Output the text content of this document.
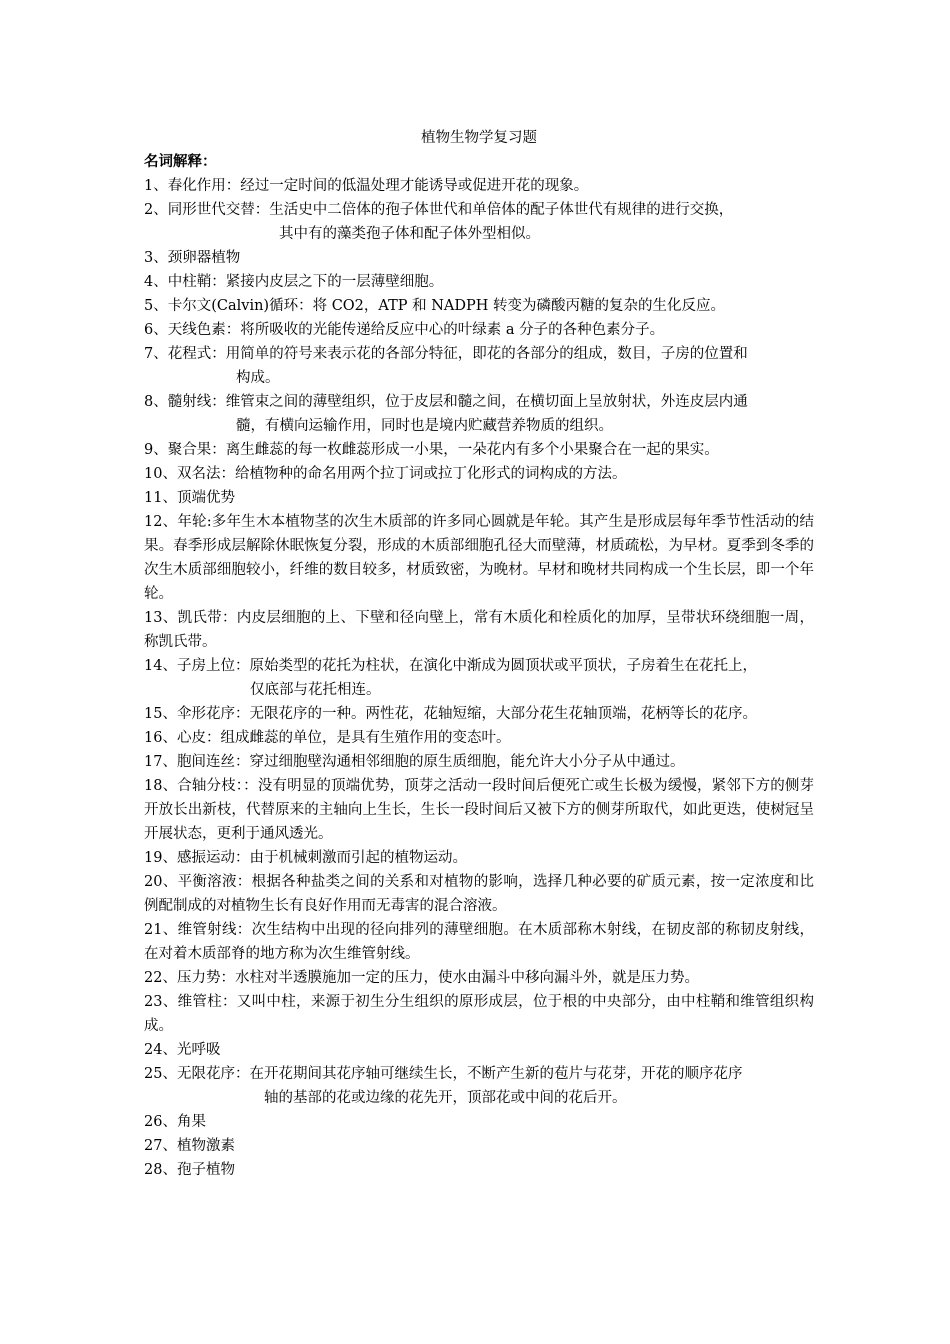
植物生物学复习题

名词解释：

1、春化作用：经过一定时间的低温处理才能诱导或促进开花的现象。

2、同形世代交替：生活史中二倍体的孢子体世代和单倍体的配子体世代有规律的进行交换，
其中有的藻类孢子体和配子体外型相似。

3、颈卵器植物

4、中柱鞘：紧接内皮层之下的一层薄壁细胞。

5、卡尔文(Calvin)循环：将 CO2，ATP 和 NADPH 转变为磷酸丙糖的复杂的生化反应。

6、天线色素：将所吸收的光能传递给反应中心的叶绿素 a 分子的各种色素分子。

7、花程式：用简单的符号来表示花的各部分特征，即花的各部分的组成，数目，子房的位置和
构成。

8、髓射线：维管束之间的薄壁组织，位于皮层和髓之间，在横切面上呈放射状，外连皮层内通
髓，有横向运输作用，同时也是境内贮藏营养物质的组织。

9、聚合果：离生雌蕊的每一枚雌蕊形成一小果，一朵花内有多个小果聚合在一起的果实。

10、双名法：给植物种的命名用两个拉丁词或拉丁化形式的词构成的方法。

11、顶端优势

12、年轮:多年生木本植物茎的次生木质部的许多同心圆就是年轮。其产生是形成层每年季节性活动的结果。春季形成层解除休眠恢复分裂，形成的木质部细胞孔径大而壁薄，材质疏松，为早材。夏季到冬季的次生木质部细胞较小，纤维的数目较多，材质致密，为晚材。早材和晚材共同构成一个生长层，即一个年轮。

13、凯氏带：内皮层细胞的上、下壁和径向壁上，常有木质化和栓质化的加厚，呈带状环绕细胞一周，称凯氏带。

14、子房上位：原始类型的花托为柱状，在演化中渐成为圆顶状或平顶状，子房着生在花托上，
仅底部与花托相连。

15、伞形花序：无限花序的一种。两性花，花轴短缩，大部分花生花轴顶端，花柄等长的花序。

16、心皮：组成雌蕊的单位，是具有生殖作用的变态叶。

17、胞间连丝：穿过细胞壁沟通相邻细胞的原生质细胞，能允许大小分子从中通过。

18、合轴分枝：：没有明显的顶端优势，顶芽之活动一段时间后便死亡或生长极为缓慢，紧邻下方的侧芽开放长出新枝，代替原来的主轴向上生长，生长一段时间后又被下方的侧芽所取代，如此更迭，使树冠呈开展状态，更利于通风透光。

19、感振运动：由于机械刺激而引起的植物运动。

20、平衡溶液：根据各种盐类之间的关系和对植物的影响，选择几种必要的矿质元素，按一定浓度和比例配制成的对植物生长有良好作用而无毒害的混合溶液。

21、维管射线：次生结构中出现的径向排列的薄壁细胞。在木质部称木射线，在韧皮部的称韧皮射线，在对着木质部脊的地方称为次生维管射线。

22、压力势：水柱对半透膜施加一定的压力，使水由漏斗中移向漏斗外，就是压力势。

23、维管柱：又叫中柱，来源于初生分生组织的原形成层，位于根的中央部分，由中柱鞘和维管组织构成。

24、光呼吸

25、无限花序：在开花期间其花序轴可继续生长，不断产生新的苞片与花芽，开花的顺序花序
轴的基部的花或边缘的花先开，顶部花或中间的花后开。

26、角果

27、植物激素

28、孢子植物
